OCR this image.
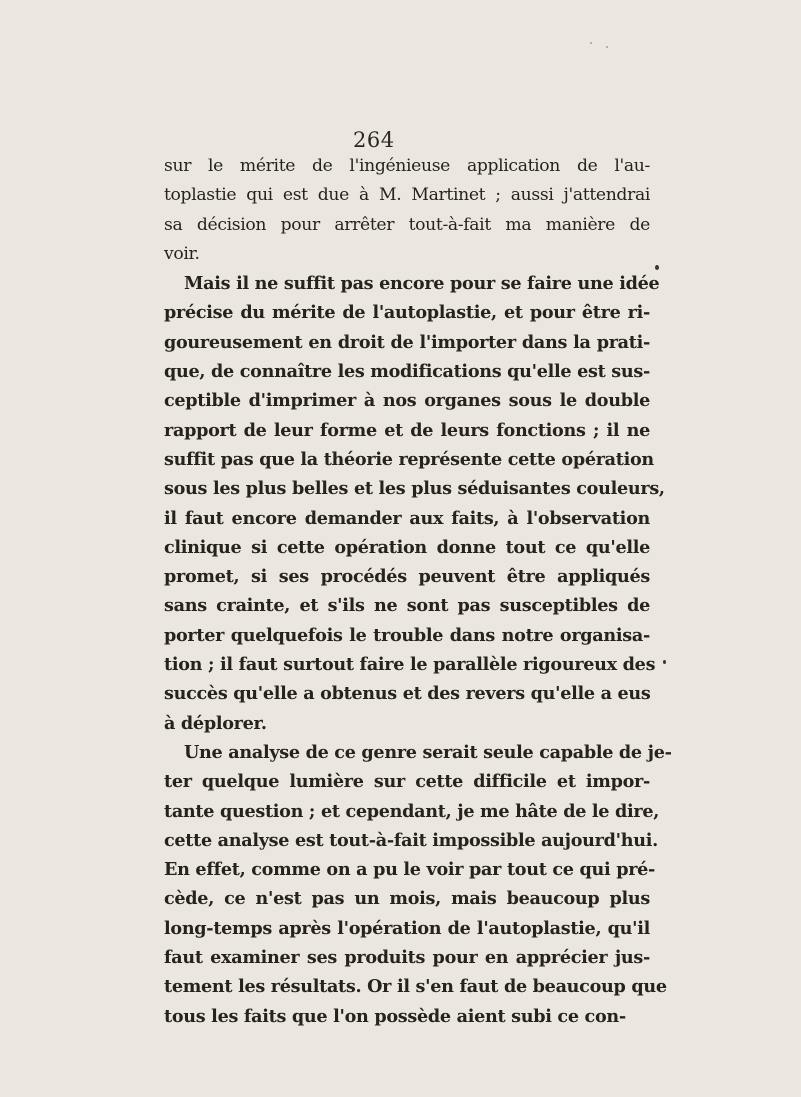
264
sur le mérite de l'ingénieuse application de l'au-
toplastie qui est due à M. Martinet ; aussi j'attendrai
sa décision pour arrêter tout-à-fait ma manière de
voir.
Mais il ne suffit pas encore pour se faire une idée
précise du mérite de l'autoplastie, et pour être ri-
goureusement en droit de l'importer dans la prati-
que, de connaître les modifications qu'elle est sus-
ceptible d'imprimer à nos organes sous le double
rapport de leur forme et de leurs fonctions ; il ne
suffit pas que la théorie représente cette opération
sous les plus belles et les plus séduisantes couleurs,
il faut encore demander aux faits, à l'observation
clinique si cette opération donne tout ce qu'elle
promet, si ses procédés peuvent être appliqués
sans crainte, et s'ils ne sont pas susceptibles de
porter quelquefois le trouble dans notre organisa-
tion ; il faut surtout faire le parallèle rigoureux des
succès qu'elle a obtenus et des revers qu'elle a eus
à déplorer.
Une analyse de ce genre serait seule capable de je-
ter quelque lumière sur cette difficile et impor-
tante question ; et cependant, je me hâte de le dire,
cette analyse est tout-à-fait impossible aujourd'hui.
En effet, comme on a pu le voir par tout ce qui pré-
cède, ce n'est pas un mois, mais beaucoup plus
long-temps après l'opération de l'autoplastie, qu'il
faut examiner ses produits pour en apprécier jus-
tement les résultats. Or il s'en faut de beaucoup que
tous les faits que l'on possède aient subi ce con-
